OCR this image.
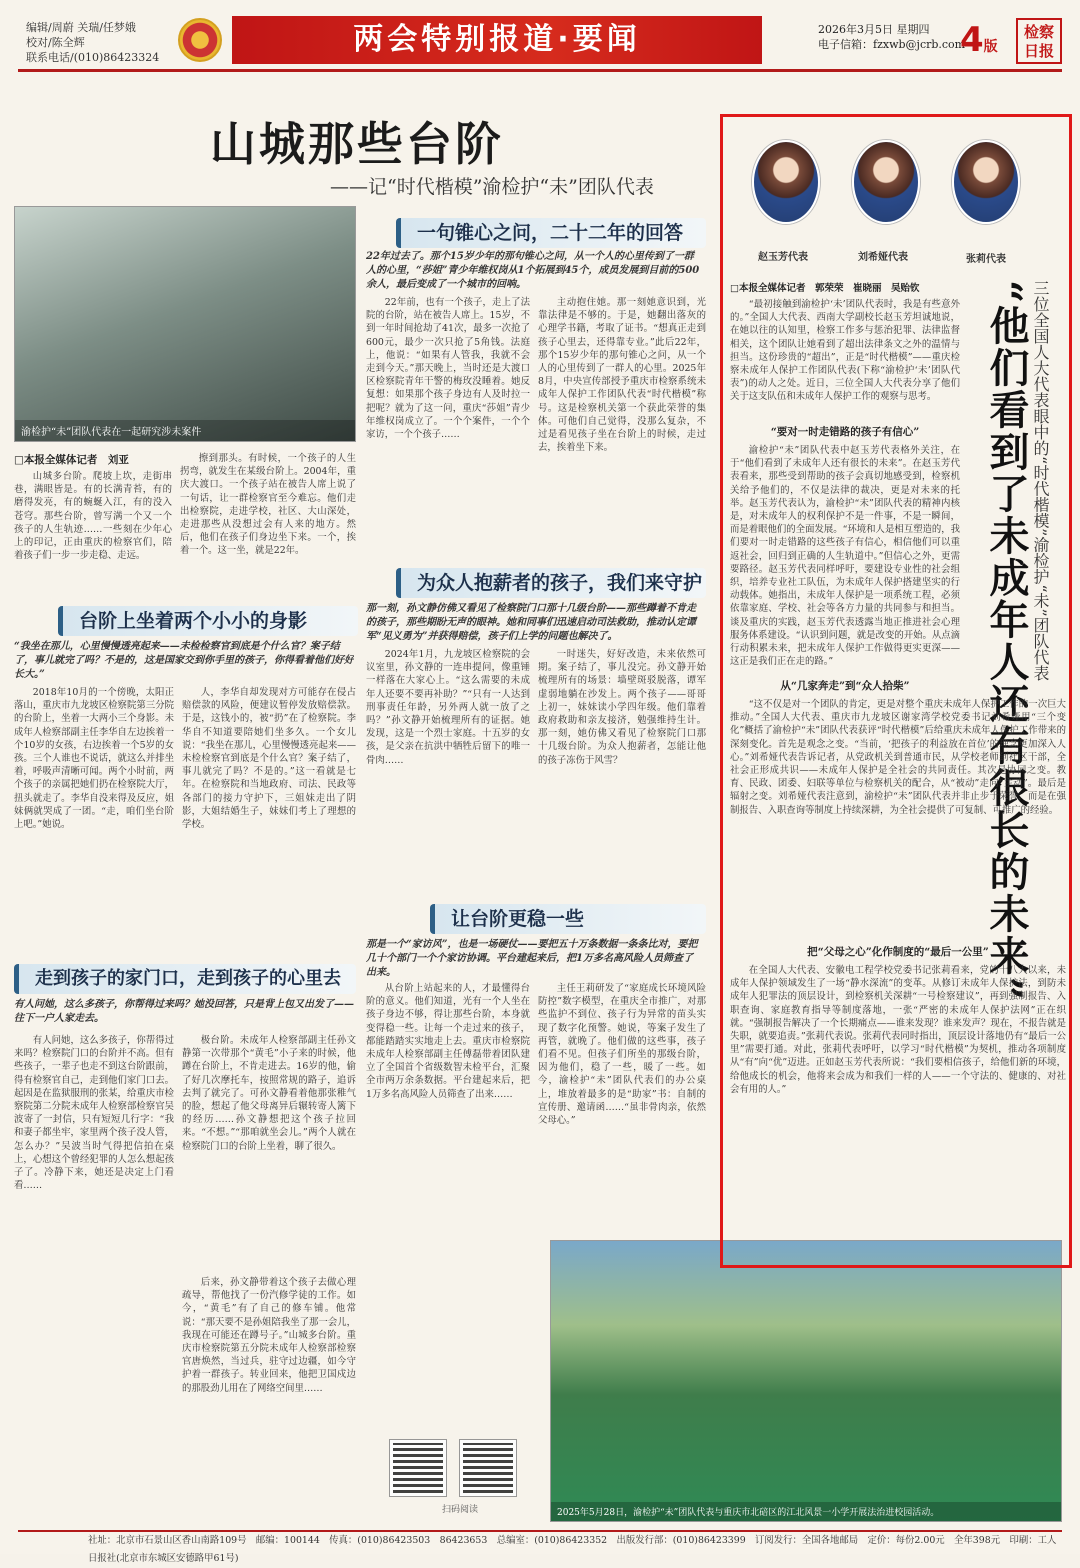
编辑/周蔚 关瑞/任梦娥
校对/陈全辉
联系电话/(010)86423324
两会特别报道·要闻	2026年3月5日 星期四
电子信箱：fzxwb@jcrb.com
4版
检察日报
山城那些台阶
——记“时代楷模”渝检护“未”团队代表
渝检护“未”团队代表在一起研究涉未案件
□本报全媒体记者　刘亚

山城多台阶。爬坡上坎，走街串巷，满眼皆是。有的长满青苔，有的磨得发亮，有的蜿蜒入江，有的没入苍穹。那些台阶，曾写满一个又一个孩子的人生轨迹……一些刻在少年心上的印记，正由重庆的检察官们，陪着孩子们一步一步走稳、走远。

擦到那头。有时候，一个孩子的人生拐弯，就发生在某级台阶上。2004年，重庆大渡口。一个孩子站在被告人席上说了一句话，让一群检察官至今难忘。他们走出检察院，走进学校，社区、大山深处，走进那些从没想过会有人来的地方。然后，他们在孩子们身边坐下来。一个，挨着一个。这一坐，就是22年。

一句锥心之问，二十二年的回答
22年过去了。那个15岁少年的那句锥心之问，从一个人的心里传到了一群人的心里，“莎姐”青少年维权岗从1个拓展到45个，成员发展到目前的500余人，最后变成了一个城市的回响。

22年前，也有一个孩子，走上了法院的台阶，站在被告人席上。15岁，不到一年时间抢劫了41次，最多一次抢了600元，最少一次只抢了5角钱。法庭上，他说：“如果有人管我，我就不会走到今天。”那天晚上，当时还是大渡口区检察院青年干警的梅玫没睡着。她反复想：如果那个孩子身边有人及时拉一把呢？就为了这一问，重庆“莎姐”青少年维权岗成立了。一个个案件，一个个家访，一个个孩子……

主动抱住她。那一刻她意识到，光靠法律是不够的。于是，她翻出落灰的心理学书籍，考取了证书。“想真正走到孩子心里去，还得靠专业。”此后22年，那个15岁少年的那句锥心之问，从一个人的心里传到了一群人的心里。2025年8月，中央宣传部授予重庆市检察系统未成年人保护工作团队代表“时代楷模”称号。这是检察机关第一个获此荣誉的集体。可他们自己觉得，没那么复杂，不过是看见孩子坐在台阶上的时候，走过去，挨着坐下来。

台阶上坐着两个小小的身影
“我坐在那儿，心里慢慢透亮起来——未检检察官到底是个什么官？案子结了，事儿就完了吗？不是的，这是国家交到你手里的孩子，你得看着他们好好长大。”

2018年10月的一个傍晚，太阳正落山，重庆市九龙坡区检察院第三分院的台阶上，坐着一大两小三个身影。未成年人检察部副主任李华自左边挨着一个10岁的女孩，右边挨着一个5岁的女孩。三个人谁也不说话，就这么并排坐着，呼吸声清晰可闻。两个小时前，两个孩子的亲属把她们扔在检察院大厅，扭头就走了。李华自没来得及反应，姐妹俩就哭成了一团。“走，咱们坐台阶上吧。”她说。

人，李华自却发现对方可能存在侵占赔偿款的风险，便建议暂停发放赔偿款。于是，这钱小的，被“扔”在了检察院。李华自不知道要陪她们坐多久。一个女儿说：“我坐在那儿，心里慢慢透亮起来——未检检察官到底是个什么官？案子结了，事儿就完了吗？不是的。”这一看就是七年。在检察院和当地政府、司法、民政等各部门的接力守护下，三姐妹走出了阴影，大姐结婚生子，妹妹们考上了理想的学校。

为众人抱薪者的孩子，我们来守护
那一刻，孙文静仿佛又看见了检察院门口那十几级台阶——那些蹲着不肯走的孩子，那些期盼无声的眼神。她和同事们迅速启动司法救助，推动认定谭军“见义勇为”并获得赔偿，孩子们上学的问题也解决了。

2024年1月，九龙坡区检察院的会议室里，孙文静的一连串提问，像重锤一样落在大家心上。“这么需要的未成年人还要不要再补助？”“只有一人达到刑事责任年龄，另外两人就一放了之吗？”孙文静开始梳理所有的证据。她发现，这是一个烈士家庭。十五岁的女孩，是父亲在抗洪中牺牲后留下的唯一骨肉……

一时迷失，好好改造，未来依然可期。案子结了，事儿没完。孙文静开始梳理所有的场景：墙壁斑驳脱落，谭军虚弱地躺在沙发上。两个孩子——哥哥上初一，妹妹读小学四年级。他们靠着政府救助和亲友接济，勉强维持生计。那一刻，她仿佛又看见了检察院门口那十几级台阶。为众人抱薪者，怎能让他的孩子冻伤于风雪？

让台阶更稳一些
那是一个“家访风”，也是一场硬仗——要把五十万条数据一条条比对，要把几十个部门一个个家访协调。平台建起来后，把1万多名高风险人员筛查了出来。

从台阶上站起来的人，才最懂得台阶的意义。他们知道，光有一个人坐在孩子身边不够，得让那些台阶，本身就变得稳一些。让每一个走过来的孩子，都能踏踏实实地走上去。重庆市检察院未成年人检察部副主任傅磊带着团队建立了全国首个省级数智未检平台，汇聚全市两万余条数据。平台建起来后，把1万多名高风险人员筛查了出来……

主任王莉研发了“家庭成长环境风险防控”数字模型，在重庆全市推广，对那些监护不到位、孩子行为异常的苗头实现了数字化预警。她说，等案子发生了再管，就晚了。他们做的这些事，孩子们看不见。但孩子们所坐的那级台阶，因为他们，稳了一些，暖了一些。如今，渝检护“未”团队代表们的办公桌上，堆放着最多的是“助家”书：自制的宣传册、邀请函……“虽非骨肉亲，依然父母心。”

走到孩子的家门口，走到孩子的心里去
有人问她，这么多孩子，你帮得过来吗？她没回答，只是背上包又出发了——往下一户人家走去。

有人问她，这么多孩子，你帮得过来吗？检察院门口的台阶并不高。但有些孩子，一辈子也走不到这台阶跟前，得有检察官自己，走到他们家门口去。起因是在监狱服刑的张某，给重庆市检察院第二分院未成年人检察部检察官吴波寄了一封信，只有短短几行字：“我和妻子都坐牢，家里两个孩子没人管，怎么办？”吴波当时气得把信拍在桌上，心想这个曾经犯罪的人怎么想起孩子了。冷静下来，她还是决定上门看看……

极台阶。未成年人检察部副主任孙文静第一次带那个“黄毛”小子来的时候，他蹲在台阶上，不肯走进去。16岁的他，偷了好几次摩托车，按照常规的路子，追诉去判了就完了。可孙文静看着他那张稚气的脸，想起了他父母离异后辗转寄人篱下的经历……孙文静想把这个孩子拉回来。“不想。”“那咱就坐会儿。”两个人就在检察院门口的台阶上坐着，聊了很久。

后来，孙文静带着这个孩子去做心理疏导，帮他找了一份汽修学徒的工作。如今，“黄毛”有了自己的修车铺。他常说：“那天要不是孙姐陪我坐了那一会儿，我现在可能还在蹲号子。”山城多台阶。重庆市检察院第五分院未成年人检察部检察官唐焕然，当过兵，驻守过边疆，如今守护着一群孩子。转业回来，他把卫国戍边的那股劲儿用在了网络空间里……

扫码阅读	2025年5月28日，渝检护“未”团队代表与重庆市北碚区的江北风景一小学开展法治进校园活动。
赵玉芳代表	刘希娅代表	张莉代表
□本报全媒体记者　郭荣荣　崔晓丽　吴贻钦 “他们看到了未成年人还有很长的未来” 三位全国人大代表眼中的“时代楷模”渝检护“未”团队代表

“最初接触到渝检护‘未’团队代表时，我是有些意外的。”全国人大代表、西南大学副校长赵玉芳坦诚地说，在她以往的认知里，检察工作多与惩治犯罪、法律监督相关，这个团队让她看到了超出法律条文之外的温情与担当。这份珍贵的“超出”，正是“时代楷模”——重庆检察未成年人保护工作团队代表(下称“渝检护‘未’团队代表”)的动人之处。近日，三位全国人大代表分享了他们关于这支队伍和未成年人保护工作的观察与思考。

“要对一时走错路的孩子有信心”

渝检护“未”团队代表中赵玉芳代表格外关注，在于“他们看到了未成年人还有很长的未来”。在赵玉芳代表看来，那些受到帮助的孩子会真切地感受到，检察机关给予他们的，不仅是法律的裁决，更是对未来的托举。赵玉芳代表认为，渝检护“未”团队代表的精神内核是，对未成年人的权利保护不是一件事，不是一瞬间，而是着眼他们的全面发展。“环境和人是相互塑造的，我们要对一时走错路的这些孩子有信心，相信他们可以重返社会，回归到正确的人生轨道中。”但信心之外，更需要路径。赵玉芳代表同样呼吁，要建设专业性的社会组织，培养专业社工队伍，为未成年人保护搭建坚实的行动载体。她指出，未成年人保护是一项系统工程，必须依靠家庭、学校、社会等各方力量的共同参与和担当。谈及重庆的实践，赵玉芳代表透露当地正推进社会心理服务体系建设。“认识到问题，就是改变的开始。从点滴行动积累未来，把未成年人保护工作做得更实更深——这正是我们正在走的路。”

从“几家奔走”到“众人拾柴”

“这不仅是对一个团队的肯定，更是对整个重庆未成年人保护工作的一次巨大推动。”全国人大代表、重庆市九龙坡区谢家湾学校党委书记刘希娅用“三个变化”概括了渝检护“未”团队代表获评“时代楷模”后给重庆未成年人保护工作带来的深刻变化。首先是观念之变。“当前，‘把孩子的利益放在首位’的理念更加深入人心。”刘希娅代表告诉记者，从党政机关到普通市民，从学校老师到社区干部，全社会正形成共识——未成年人保护是全社会的共同责任。其次是协同之变。教育、民政、团委、妇联等单位与检察机关的配合，从“被动”走向“主动”。最后是辐射之变。刘希娅代表注意到，渝检护“未”团队代表并非止步于荣誉，而是在强制报告、入职查询等制度上持续深耕，为全社会提供了可复制、可推广的经验。

把“父母之心”化作制度的“最后一公里”

在全国人大代表、安徽电工程学校党委书记张莉看来，党的十八大以来，未成年人保护领域发生了一场“静水深流”的变革。从修订未成年人保护法，到防未成年人犯罪法的顶层设计，到检察机关深耕“一号检察建议”，再到强制报告、入职查询、家庭教育指导等制度落地，一张“严密的未成年人保护法网”正在织就。“强制报告解决了一个长期痛点——谁来发现？谁来发声？现在，不报告就是失职，就要追责。”张莉代表说。张莉代表同时指出，顶层设计落地仍有“最后一公里”需要打通。对此，张莉代表呼吁，以学习“时代楷模”为契机，推动各项制度从“有”向“优”迈进。正如赵玉芳代表所说：“我们要相信孩子，给他们新的环境，给他成长的机会，他将来会成为和我们一样的人——一个守法的、健康的、对社会有用的人。”

社址：北京市石景山区香山南路109号　邮编：100144　传真：(010)86423503　86423653　总编室：(010)86423352　出版发行部：(010)86423399　订阅发行：全国各地邮局　定价：每份2.00元　全年398元　印刷：工人日报社(北京市东城区安德路甲61号)
